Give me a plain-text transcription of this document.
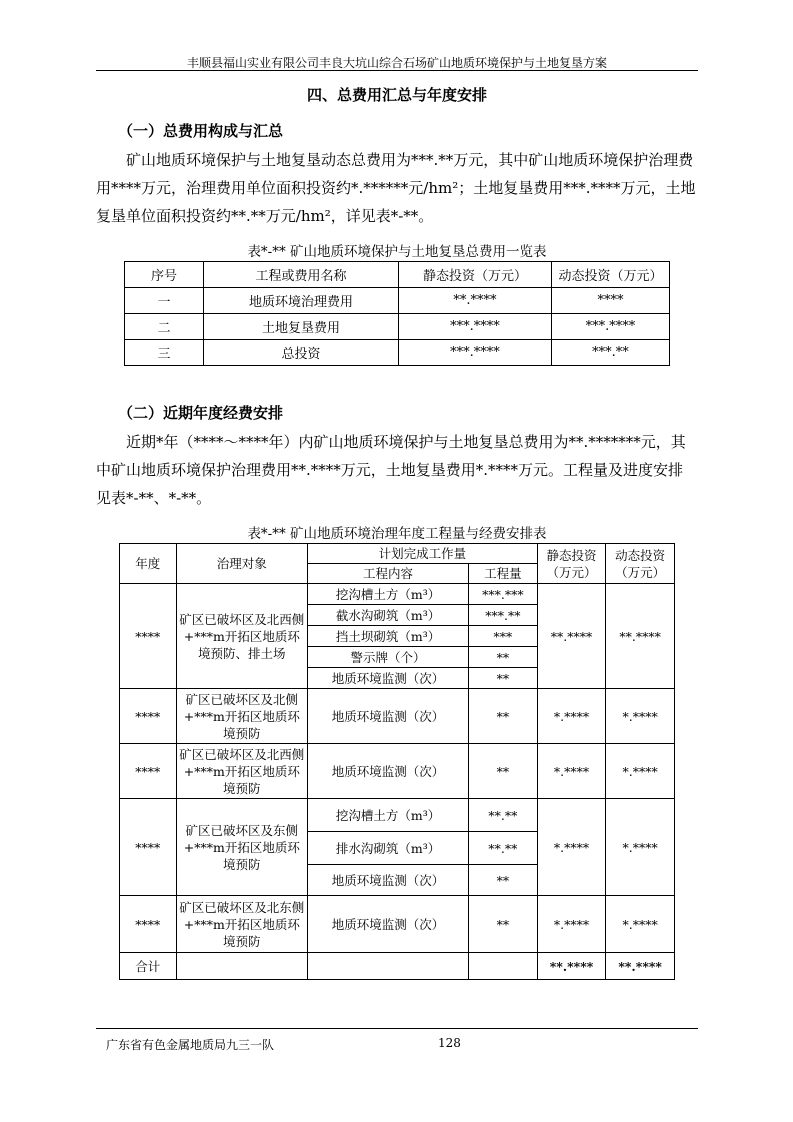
丰顺县福山实业有限公司丰良大坑山综合石场矿山地质环境保护与土地复垦方案
四、总费用汇总与年度安排
（一）总费用构成与汇总

矿山地质环境保护与土地复垦动态总费用为***.**万元，其中矿山地质环境保护治理费用****万元，治理费用单位面积投资约*.******元/hm²；土地复垦费用***.****万元，土地复垦单位面积投资约**.**万元/hm²，详见表*-**。

表*-** 矿山地质环境保护与土地复垦总费用一览表
序号	工程或费用名称	静态投资（万元）	动态投资（万元）
一	地质环境治理费用	**.****	****
二	土地复垦费用	***.****	***.****
三	总投资	***.****	***.**
（二）近期年度经费安排

近期*年（****～****年）内矿山地质环境保护与土地复垦总费用为**.*******元，其中矿山地质环境保护治理费用**.****万元，土地复垦费用*.****万元。工程量及进度安排见表*-**、*-**。

表*-** 矿山地质环境治理年度工程量与经费安排表
年度	治理对象	计划完成工作量		静态投资（万元）	动态投资（万元）
		工程内容	工程量		
****	矿区已破坏区及北西侧+***m开拓区地质环境预防、排土场	挖沟槽土方（m³）	***.***	**.****	**.****
		截水沟砌筑（m³）	***.**		
		挡土坝砌筑（m³）	***		
		警示牌（个）	**		
		地质环境监测（次）	**		
****	矿区已破坏区及北侧+***m开拓区地质环境预防	地质环境监测（次）	**	*.****	*.****
****	矿区已破坏区及北西侧+***m开拓区地质环境预防	地质环境监测（次）	**	*.****	*.****
****	矿区已破坏区及东侧+***m开拓区地质环境预防	挖沟槽土方（m³）	**.**	*.****	*.****
		排水沟砌筑（m³）	**.**		
		地质环境监测（次）	**		
****	矿区已破坏区及北东侧+***m开拓区地质环境预防	地质环境监测（次）	**	*.****	*.****
合计				**.****	**.****
广东省有色金属地质局九三一队	128
